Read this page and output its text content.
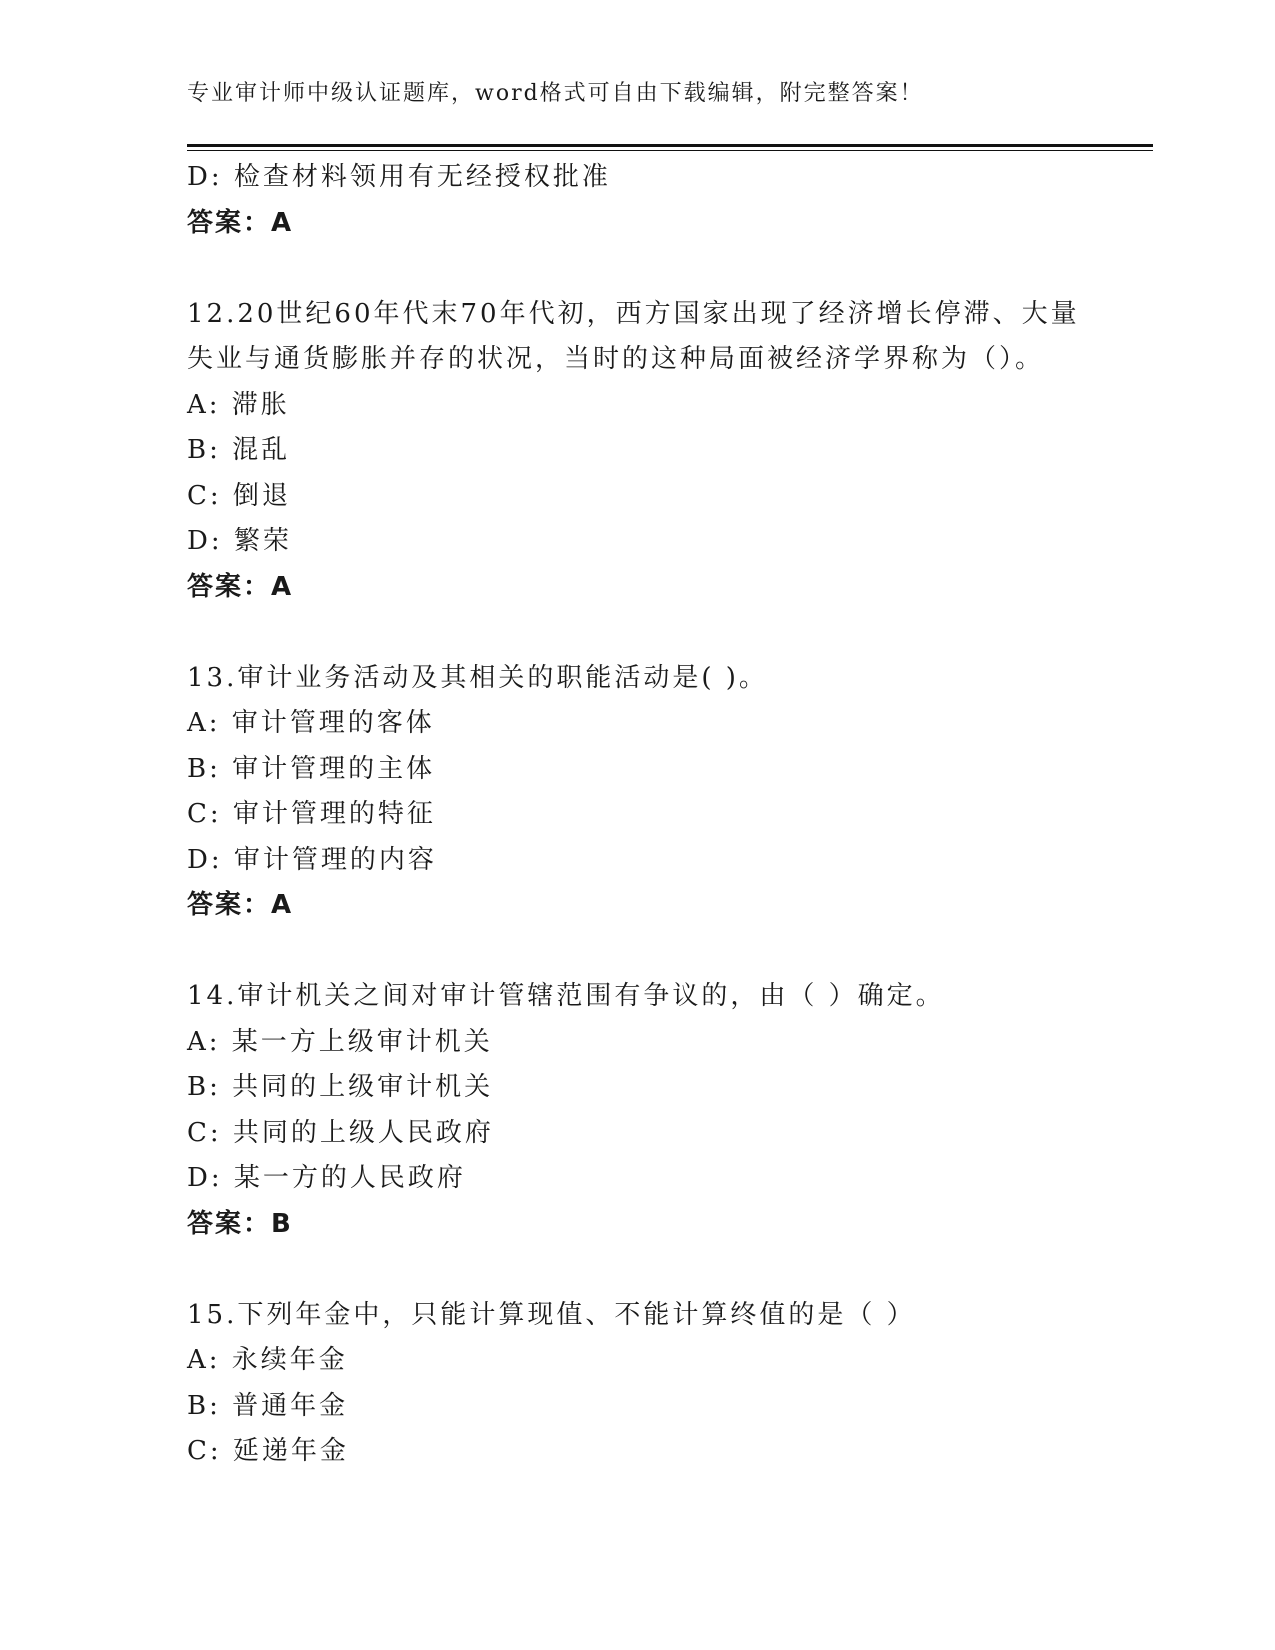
专业审计师中级认证题库，word格式可自由下载编辑，附完整答案！
D: 检查材料领用有无经授权批准
答案：A
12.20世纪60年代末70年代初，西方国家出现了经济增长停滞、大量
失业与通货膨胀并存的状况，当时的这种局面被经济学界称为（）。
A: 滞胀
B: 混乱
C: 倒退
D: 繁荣
答案：A
13.审计业务活动及其相关的职能活动是( )。
A: 审计管理的客体
B: 审计管理的主体
C: 审计管理的特征
D: 审计管理的内容
答案：A
14.审计机关之间对审计管辖范围有争议的，由（ ）确定。
A: 某一方上级审计机关
B: 共同的上级审计机关
C: 共同的上级人民政府
D: 某一方的人民政府
答案：B
15.下列年金中，只能计算现值、不能计算终值的是（ ）
A: 永续年金
B: 普通年金
C: 延递年金
